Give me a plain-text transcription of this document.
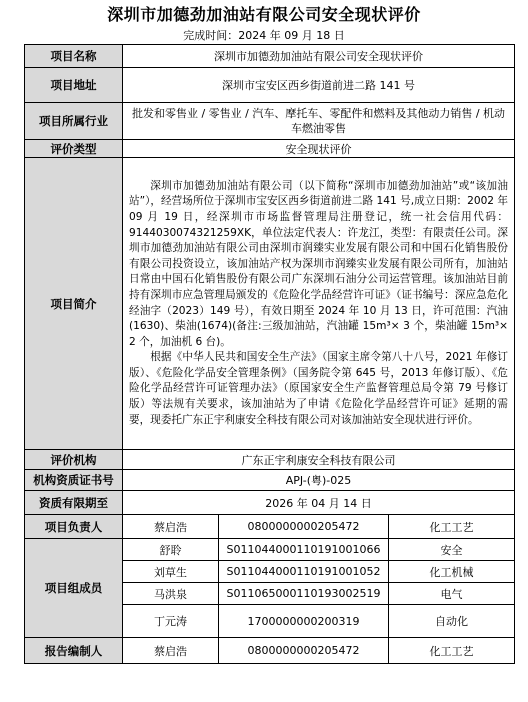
深圳市加德劲加油站有限公司安全现状评价
完成时间：2024 年 09 月 18 日
项目名称	深圳市加德劲加油站有限公司安全现状评价		
项目地址	深圳市宝安区西乡街道前进二路 141 号		
项目所属行业	批发和零售业 / 零售业 / 汽车、摩托车、零配件和燃料及其他动力销售 / 机动车燃油零售		
评价类型	安全现状评价		
项目简介	深圳市加德劲加油站有限公司（以下简称“深圳市加德劲加油站”或“该加油站”），经营场所位于深圳市宝安区西乡街道前进二路 141 号,成立日期：2002 年 09 月 19 日，经深圳市市场监督管理局注册登记，统一社会信用代码：9144030074321259XK，单位法定代表人：许龙江，类型：有限责任公司。深圳市加德劲加油站有限公司由深圳市润臻实业发展有限公司和中国石化销售股份有限公司投资设立，该加油站产权为深圳市润臻实业发展有限公司所有，加油站日常由中国石化销售股份有限公司广东深圳石油分公司运营管理。该加油站目前持有深圳市应急管理局颁发的《危险化学品经营许可证》（证书编号：深应急危化经油字（2023）149 号），有效日期至 2024 年 10 月 13 日，许可范围：汽油(1630)、柴油(1674)(备注:三级加油站，汽油罐 15m³× 3 个，柴油罐 15m³× 2 个，加油机 6 台)。

根据《中华人民共和国安全生产法》（国家主席令第八十八号，2021 年修订版）、《危险化学品安全管理条例》（国务院令第 645 号，2013 年修订版）、《危险化学品经营许可证管理办法》（原国家安全生产监督管理总局令第 79 号修订版）等法规有关要求，该加油站为了申请《危险化学品经营许可证》延期的需要，现委托广东正宇利康安全科技有限公司对该加油站安全现状进行评价。		

评价机构	广东正宇利康安全科技有限公司		
机构资质证书号	APJ-(粤)-025		
资质有限期至	2026 年 04 月 14 日		
项目负责人	蔡启浩	0800000000205472	化工工艺
项目组成员	舒聆	S011044000110191001066	安全
	刘草生	S011044000110191001052	化工机械
	马洪泉	S011065000110193002519	电气
	丁元涛	1700000000200319	自动化
报告编制人	蔡启浩	0800000000205472	化工工艺
